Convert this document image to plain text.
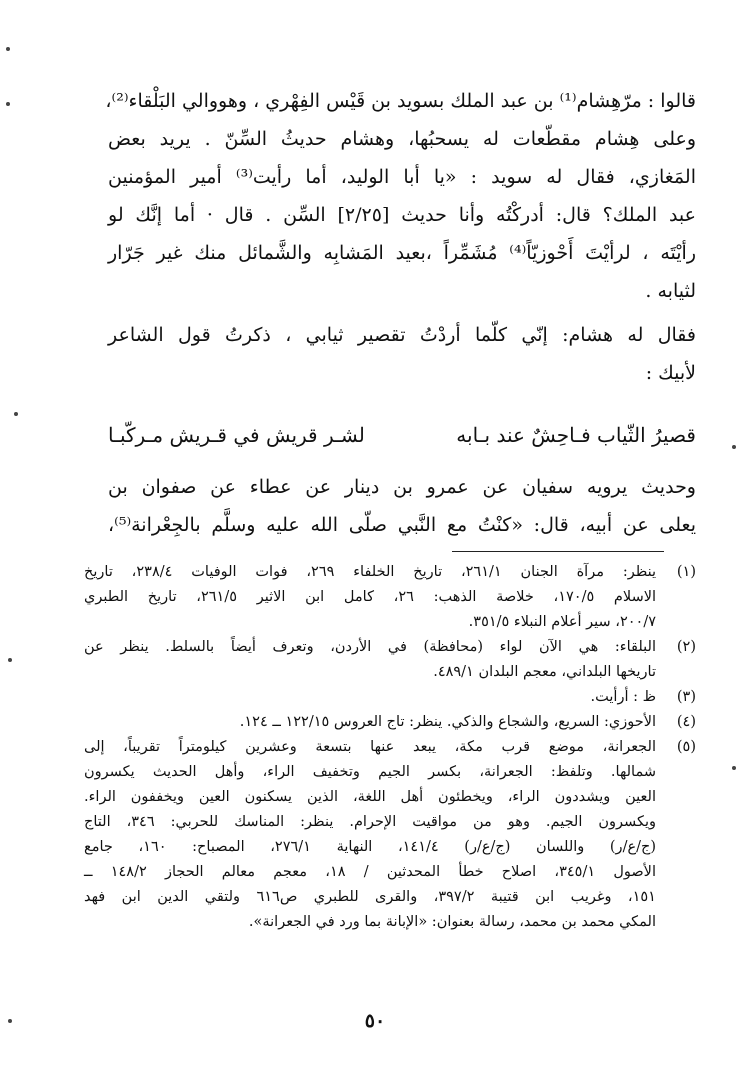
قالوا : مرّهِشام⁽¹⁾ بن عبد الملك بسويد بن قَيْس الفِهْري ، وهووالي البَلْقاء⁽²⁾،
وعلى هِشام مقطّعات له يسحبُها، وهشام حديثُ السِّنّ . يريد بعض
المَغازي، فقال له سويد : «يا أبا الوليد، أما رأيت⁽³⁾ أمير المؤمنين
عبد الملك؟ قال: أدركْتُه وأنا حديث [٢/٢٥] السِّن . قال · أما إنَّك لو
رأيْتَه ، لرأيْتَ أَحْوزيّاً⁽⁴⁾ مُشَمِّراً ،بعيد المَشابِه والشَّمائل منك غير جَرّار
لثيابه .
فقال له هشام: إنّي كلّما أردْتُ تقصير ثيابي ، ذكرتُ قول الشاعر
لأبيك :
قصيرُ الثّياب فـاحِشٌ عند بـابه
لشـر قريش في قـريش مـركّبـا
وحديث يرويه سفيان عن عمرو بن دينار عن عطاء عن صفوان بن
يعلى عن أبيه، قال: «كنْتُ مع النَّبي صلّى الله عليه وسلَّم بالجِعْرانة⁽⁵⁾،
(١)
ينظر: مرآة الجنان ٢٦١/١، تاريخ الخلفاء ٢٦٩، فوات الوفيات ٢٣٨/٤، تاريخ
الاسلام ١٧٠/٥، خلاصة الذهب: ٢٦، كامل ابن الاثير ٢٦١/٥، تاريخ الطبري
٢٠٠/٧، سير أعلام النبلاء ٣٥١/٥.
(٢)
البلقاء: هي الآن لواء (محافظة) في الأردن، وتعرف أيضاً بالسلط. ينظر عن
تاريخها البلداني، معجم البلدان ٤٨٩/١.
(٣)
ظ : أرأيت.
(٤)
الأحوزي: السريع، والشجاع والذكي. ينظر: تاج العروس ١٢٢/١٥ ــ ١٢٤.
(٥)
الجعرانة، موضع قرب مكة، يبعد عنها بتسعة وعشرين كيلومتراً تقريباً، إلى
شمالها. وتلفظ: الجعرانة، بكسر الجيم وتخفيف الراء، وأهل الحديث يكسرون
العين ويشددون الراء، ويخطئون أهل اللغة، الذين يسكنون العين ويخففون الراء.
ويكسرون الجيم. وهو من مواقيت الإحرام. ينظر: المناسك للحربي: ٣٤٦، التاج
(ج/ع/ر) واللسان (ج/ع/ر) ١٤١/٤، النهاية ٢٧٦/١، المصباح: ١٦٠، جامع
الأصول ٣٤٥/١، اصلاح خطأ المحدثين / ١٨، معجم معالم الحجاز ١٤٨/٢ ــ
١٥١، وغريب ابن قتيبة ٣٩٧/٢، والقرى للطبري ص٦١٦ ولتقي الدين ابن فهد
المكي محمد بن محمد، رسالة بعنوان: «الإبانة بما ورد في الجعرانة».
٥٠
